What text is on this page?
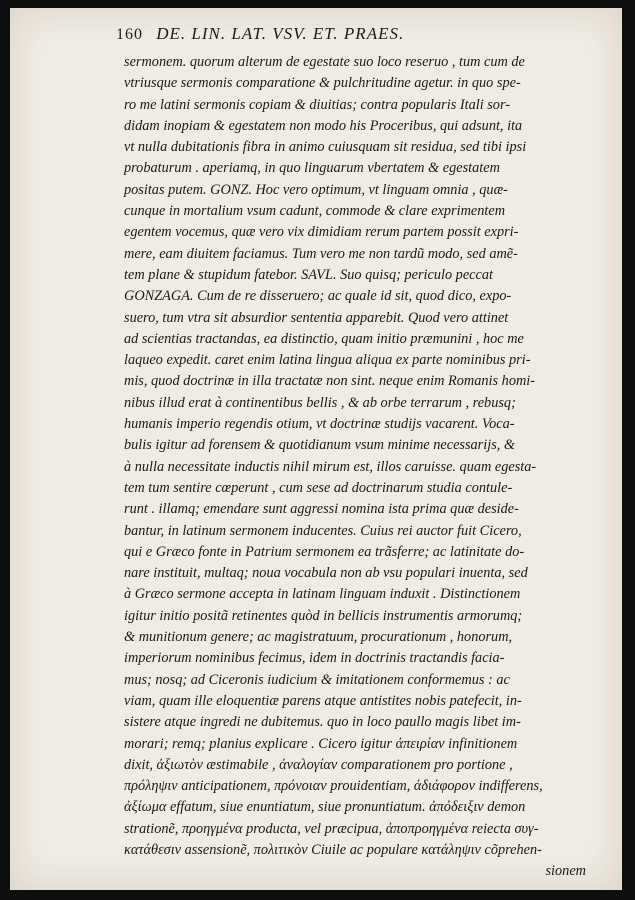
160 DE. LIN. LAT. VSV. ET. PRAES.
sermonem. quorum alterum de egestate suo loco reseruo , tum cum de
vtriusque sermonis comparatione & pulchritudine agetur. in quo spe-
ro me latini sermonis copiam & diuitias; contra popularis Itali sor-
didam inopiam & egestatem non modo his Proceribus, qui adsunt, ita
vt nulla dubitationis fibra in animo cuiusquam sit residua, sed tibi ipsi
probaturum . aperiamq, in quo linguarum vbertatem & egestatem
positas putem. GONZ. Hoc vero optimum, vt linguam omnia , quæ-
cunque in mortalium vsum cadunt, commode & clare exprimentem
egentem vocemus, quæ vero vix dimidiam rerum partem possit expri-
mere, eam diuitem faciamus. Tum vero me non tardũ modo, sed amẽ-
tem plane & stupidum fatebor. SAVL. Suo quisq; periculo peccat
GONZAGA. Cum de re disseruero; ac quale id sit, quod dico, expo-
suero, tum vtra sit absurdior sententia apparebit. Quod vero attinet
ad scientias tractandas, ea distinctio, quam initio præmunini , hoc me
laqueo expedit. caret enim latina lingua aliqua ex parte nominibus pri-
mis, quod doctrinæ in illa tractatæ non sint. neque enim Romanis homi-
nibus illud erat à continentibus bellis , & ab orbe terrarum , rebusq;
humanis imperio regendis otium, vt doctrinæ studijs vacarent. Voca-
bulis igitur ad forensem & quotidianum vsum minime necessarijs, &
à nulla necessitate inductis nihil mirum est, illos caruisse. quam egesta-
tem tum sentire cœperunt , cum sese ad doctrinarum studia contule-
runt . illamq; emendare sunt aggressi nomina ista prima quæ deside-
bantur, in latinum sermonem inducentes. Cuius rei auctor fuit Cicero,
qui e Græco fonte in Patrium sermonem ea trãsferre; ac latinitate do-
nare instituit, multaq; noua vocabula non ab vsu populari inuenta, sed
à Græco sermone accepta in latinam linguam induxit . Distinctionem
igitur initio positã retinentes quòd in bellicis instrumentis armorumq;
& munitionum genere; ac magistratuum, procurationum , honorum,
imperiorum nominibus fecimus, idem in doctrinis tractandis facia-
mus; nosq; ad Ciceronis iudicium & imitationem conformemus : ac
viam, quam ille eloquentiæ parens atque antistites nobis patefecit, in-
sistere atque ingredi ne dubitemus. quo in loco paullo magis libet im-
morari; remq; planius explicare . Cicero igitur ἀπειρίαν infinitionem
dixit, ἀξιωτὸν æstimabile , ἀναλογίαν comparationem pro portione ,
πρόληψιν anticipationem, πρόνοιαν prouidentiam, ἀδιάφορον indifferens,
ἀξίωμα effatum, siue enuntiatum, siue pronuntiatum. ἀπόδειξιν demon
strationẽ, προηγμένα producta, vel præcipua, ἀποπροηγμένα reiecta συγ-
κατάθεσιν assensionẽ, πολιτικὸν Ciuile ac populare κατάληψιν cõprehen-
sionem
